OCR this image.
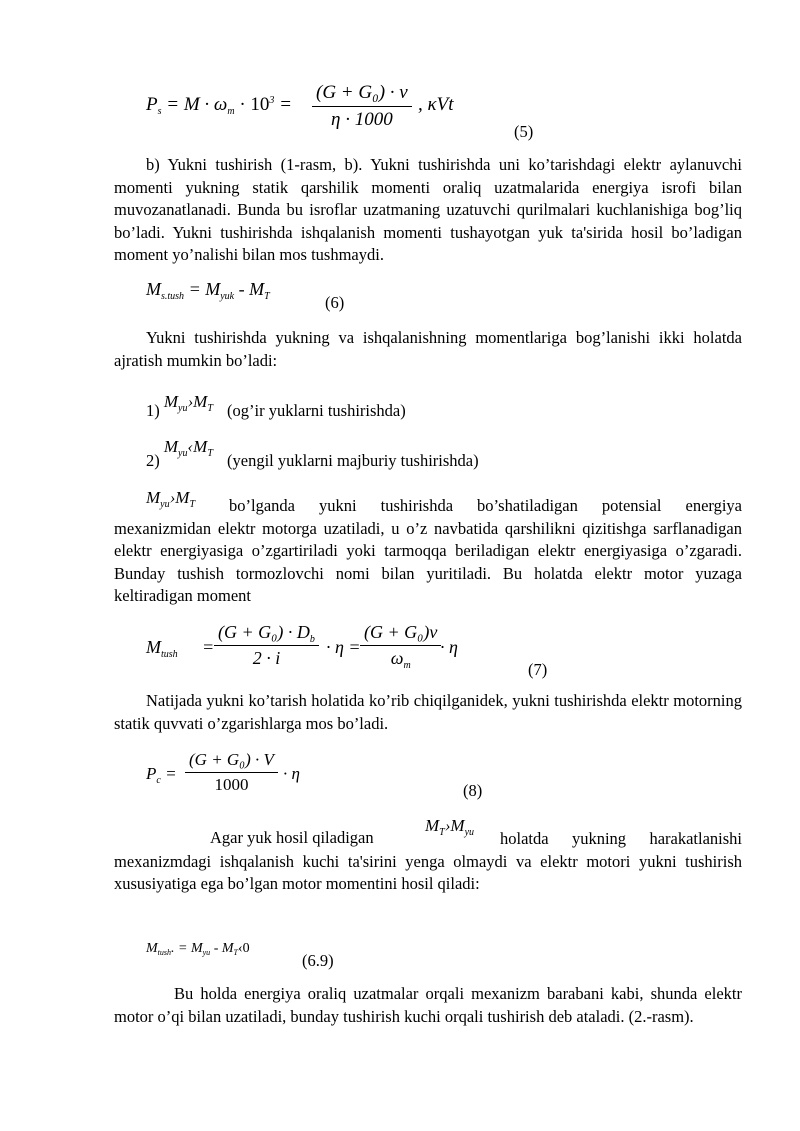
$P_s = M \cdot \omega_m \cdot 10^3$ =
(G + G₀) · v
η · 1000
, κVt
(5)

b) Yukni tushirish (1-rasm, b). Yukni tushirishda uni ko’tarishdagi elektr aylanuvchi momenti yukning statik qarshilik momenti oraliq uzatmalarida energiya isrofi bilan muvozanatlanadi. Bunda bu isroflar uzatmaning uzatuvchi qurilmalari kuchlanishiga bog’liq bo’ladi. Yukni tushirishda ishqalanish momenti tushayotgan yuk ta'sirida hosil bo’ladigan moment yo’nalishi bilan mos tushmaydi.

$M_{s.tush} = M_{yuk} - M_T$	(6)

Yukni tushirishda yukning va ishqalanishning momentlariga bog’lanishi ikki holatda ajratish mumkin bo’ladi:

1) $M_{yu}›M_T$ (og’ir yuklarni tushirishda)
2) $M_{yu}‹M_T$ (yengil yuklarni majburiy tushirishda)
$M_{yu}›M_T$	bo’lganda yukni tushirishda bo’shatiladigan potensial energiya mexanizmidan elektr motorga uzatiladi, u o’z navbatida qarshilikni qizitishga sarflanadigan elektr energiyasiga o’zgartiriladi yoki tarmoqqa beriladigan elektr energiyasiga o’zgaradi. Bunday tushish tormozlovchi nomi bilan yuritiladi. Bu holatda elektr motor yuzaga keltiradigan moment

$M_{tush}$ =
$(G + G_0) \cdot D_b$
2 · i
· η =
(G + G₀)v
$\omega_m$
· η
(7)

Natijada yukni ko’tarish holatida ko’rib chiqilganidek, yukni tushirishda elektr motorning statik quvvati o’zgarishlarga mos bo’ladi.

$P_c$ =
(G + G₀) · V
1000
· η
(8)
Agar yuk hosil qiladigan
$M_T›M_{yu}$	holatda yukning harakatlanishi mexanizmdagi ishqalanish kuchi ta'sirini yenga olmaydi va elektr motori yukni tushirish xususiyatiga ega bo’lgan motor momentini hosil qiladi:

$M_{tush}$. = $M_{yu}$ - $M_T‹0$
(6.9)

Bu holda energiya oraliq uzatmalar orqali mexanizm barabani kabi, shunda elektr motor o’qi bilan uzatiladi, bunday tushirish kuchi orqali tushirish deb ataladi. (2.-rasm).
